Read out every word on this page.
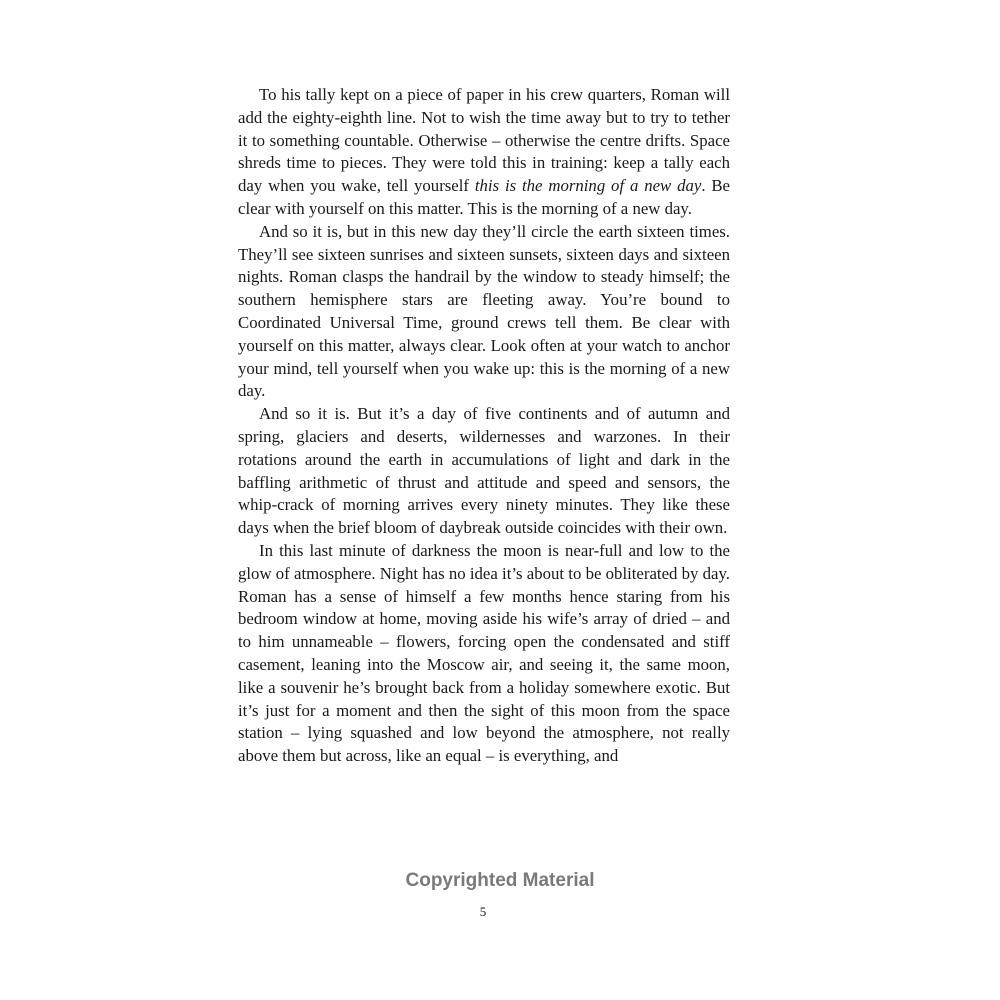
To his tally kept on a piece of paper in his crew quarters, Roman will add the eighty-eighth line. Not to wish the time away but to try to tether it to something countable. Otherwise – otherwise the centre drifts. Space shreds time to pieces. They were told this in training: keep a tally each day when you wake, tell yourself this is the morning of a new day. Be clear with yourself on this matter. This is the morning of a new day.

And so it is, but in this new day they’ll circle the earth sixteen times. They’ll see sixteen sunrises and sixteen sunsets, sixteen days and sixteen nights. Roman clasps the handrail by the window to steady himself; the southern hemisphere stars are fleeting away. You’re bound to Coordinated Universal Time, ground crews tell them. Be clear with yourself on this matter, always clear. Look often at your watch to anchor your mind, tell yourself when you wake up: this is the morning of a new day.

And so it is. But it’s a day of five continents and of autumn and spring, glaciers and deserts, wildernesses and warzones. In their rotations around the earth in accumulations of light and dark in the baffling arithmetic of thrust and attitude and speed and sensors, the whip-crack of morning arrives every ninety minutes. They like these days when the brief bloom of daybreak outside coincides with their own.

In this last minute of darkness the moon is near-full and low to the glow of atmosphere. Night has no idea it’s about to be obliterated by day. Roman has a sense of himself a few months hence staring from his bedroom window at home, moving aside his wife’s array of dried – and to him unnameable – flowers, forcing open the condensated and stiff casement, leaning into the Moscow air, and seeing it, the same moon, like a souvenir he’s brought back from a holiday somewhere exotic. But it’s just for a moment and then the sight of this moon from the space station – lying squashed and low beyond the atmosphere, not really above them but across, like an equal – is everything, and

Copyrighted Material
5
